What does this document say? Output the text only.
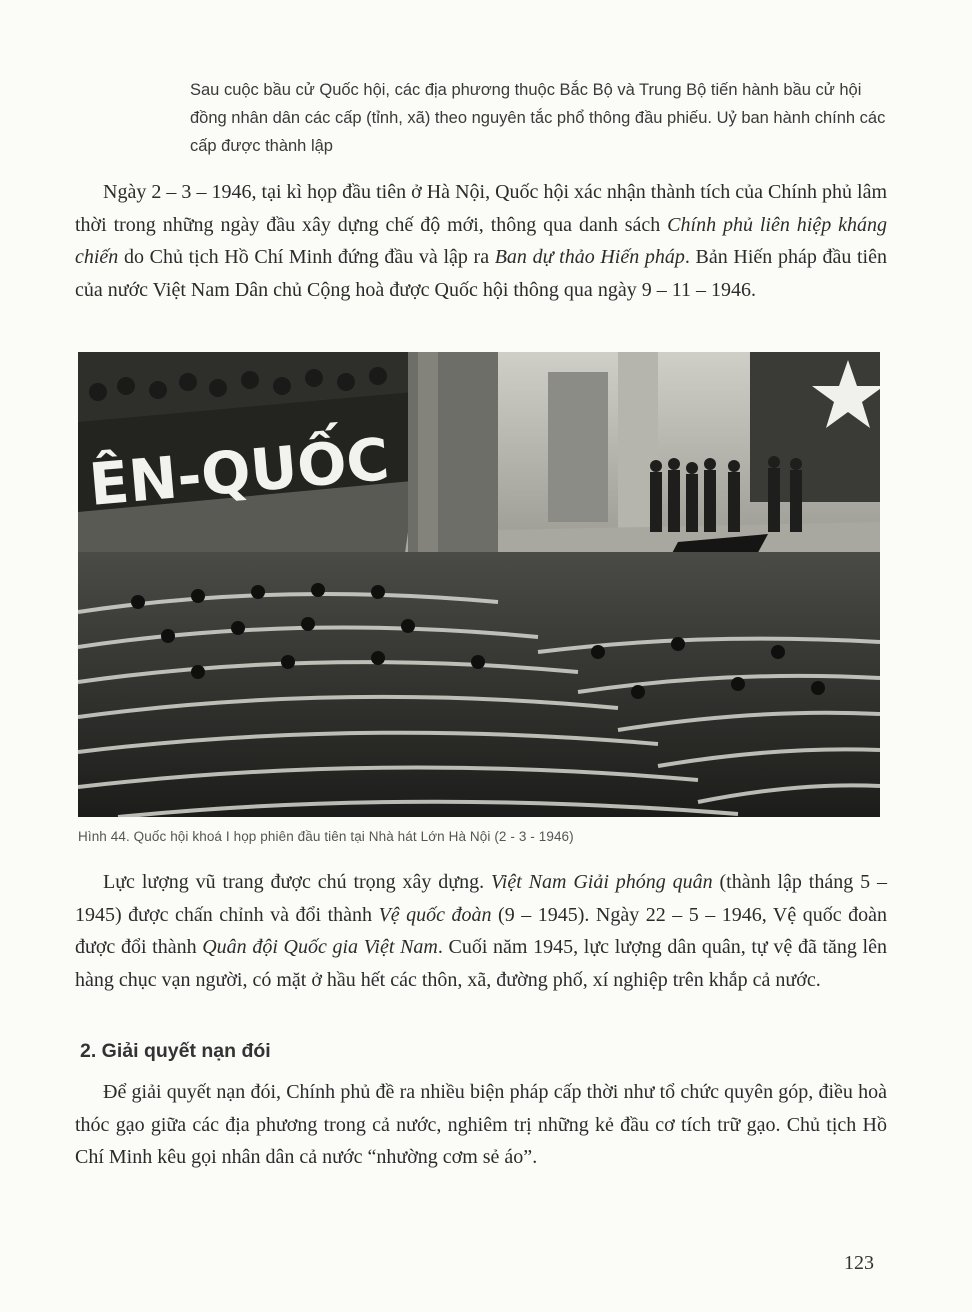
Sau cuộc bầu cử Quốc hội, các địa phương thuộc Bắc Bộ và Trung Bộ tiến hành bầu cử hội đồng nhân dân các cấp (tỉnh, xã) theo nguyên tắc phổ thông đầu phiếu. Uỷ ban hành chính các cấp được thành lập
Ngày 2 – 3 – 1946, tại kì họp đầu tiên ở Hà Nội, Quốc hội xác nhận thành tích của Chính phủ lâm thời trong những ngày đầu xây dựng chế độ mới, thông qua danh sách Chính phủ liên hiệp kháng chiến do Chủ tịch Hồ Chí Minh đứng đầu và lập ra Ban dự thảo Hiến pháp. Bản Hiến pháp đầu tiên của nước Việt Nam Dân chủ Cộng hoà được Quốc hội thông qua ngày 9 – 11 – 1946.
ÊN-QUỐC
Hình 44. Quốc hội khoá I họp phiên đầu tiên tại Nhà hát Lớn Hà Nội (2 - 3 - 1946)
Lực lượng vũ trang được chú trọng xây dựng. Việt Nam Giải phóng quân (thành lập tháng 5 – 1945) được chấn chỉnh và đổi thành Vệ quốc đoàn (9 – 1945). Ngày 22 – 5 – 1946, Vệ quốc đoàn được đổi thành Quân đội Quốc gia Việt Nam. Cuối năm 1945, lực lượng dân quân, tự vệ đã tăng lên hàng chục vạn người, có mặt ở hầu hết các thôn, xã, đường phố, xí nghiệp trên khắp cả nước.
2. Giải quyết nạn đói
Để giải quyết nạn đói, Chính phủ đề ra nhiều biện pháp cấp thời như tổ chức quyên góp, điều hoà thóc gạo giữa các địa phương trong cả nước, nghiêm trị những kẻ đầu cơ tích trữ gạo. Chủ tịch Hồ Chí Minh kêu gọi nhân dân cả nước “nhường cơm sẻ áo”.
123
